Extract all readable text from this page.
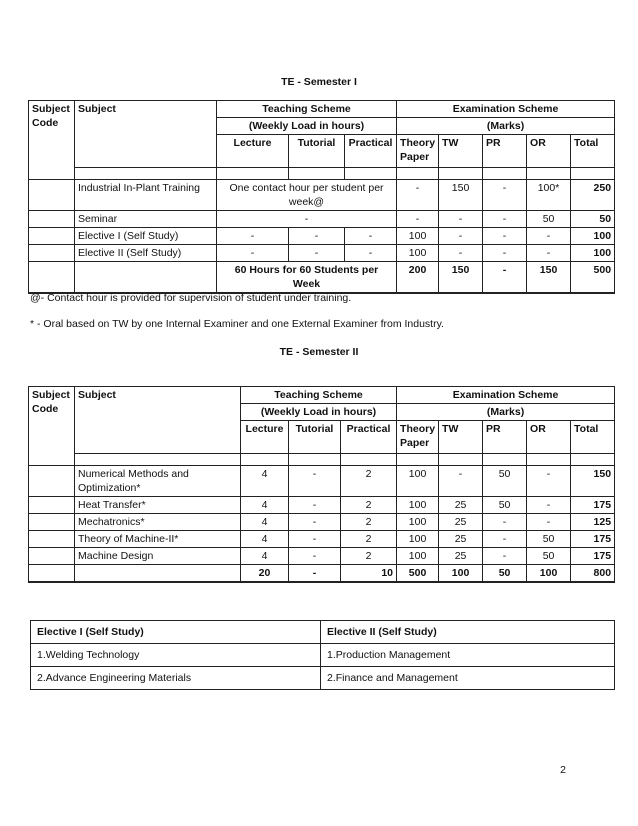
TE - Semester I
Subject Code	Subject	Teaching Scheme			Examination Scheme				
		(Weekly Load in hours)			(Marks)				
		Lecture	Tutorial	Practical	Theory Paper	TW	PR	OR	Total

	Industrial In-Plant Training	One contact hour per student per week@			-	150	-	100*	250
	Seminar	-			-	-	-	50	50
	Elective I (Self Study)	-	-	-	100	-	-	-	100
	Elective II (Self Study)	-	-	-	100	-	-	-	100
		60 Hours for 60 Students per Week			200	150	-	150	500
@- Contact hour is provided for supervision of student under training.
* - Oral based on TW by one Internal Examiner and one External Examiner from Industry.
TE - Semester II
Subject Code	Subject	Teaching Scheme			Examination Scheme				
		(Weekly Load in hours)			(Marks)				
		Lecture	Tutorial	Practical	Theory Paper	TW	PR	OR	Total

	Numerical Methods and Optimization*	4	-	2	100	-	50	-	150
	Heat Transfer*	4	-	2	100	25	50	-	175
	Mechatronics*	4	-	2	100	25	-	-	125
	Theory of Machine-II*	4	-	2	100	25	-	50	175
	Machine Design	4	-	2	100	25	-	50	175
		20	-	10	500	100	50	100	800
Elective I (Self Study)	Elective II (Self Study)
1.Welding Technology	1.Production Management
2.Advance Engineering Materials	2.Finance and Management
2
